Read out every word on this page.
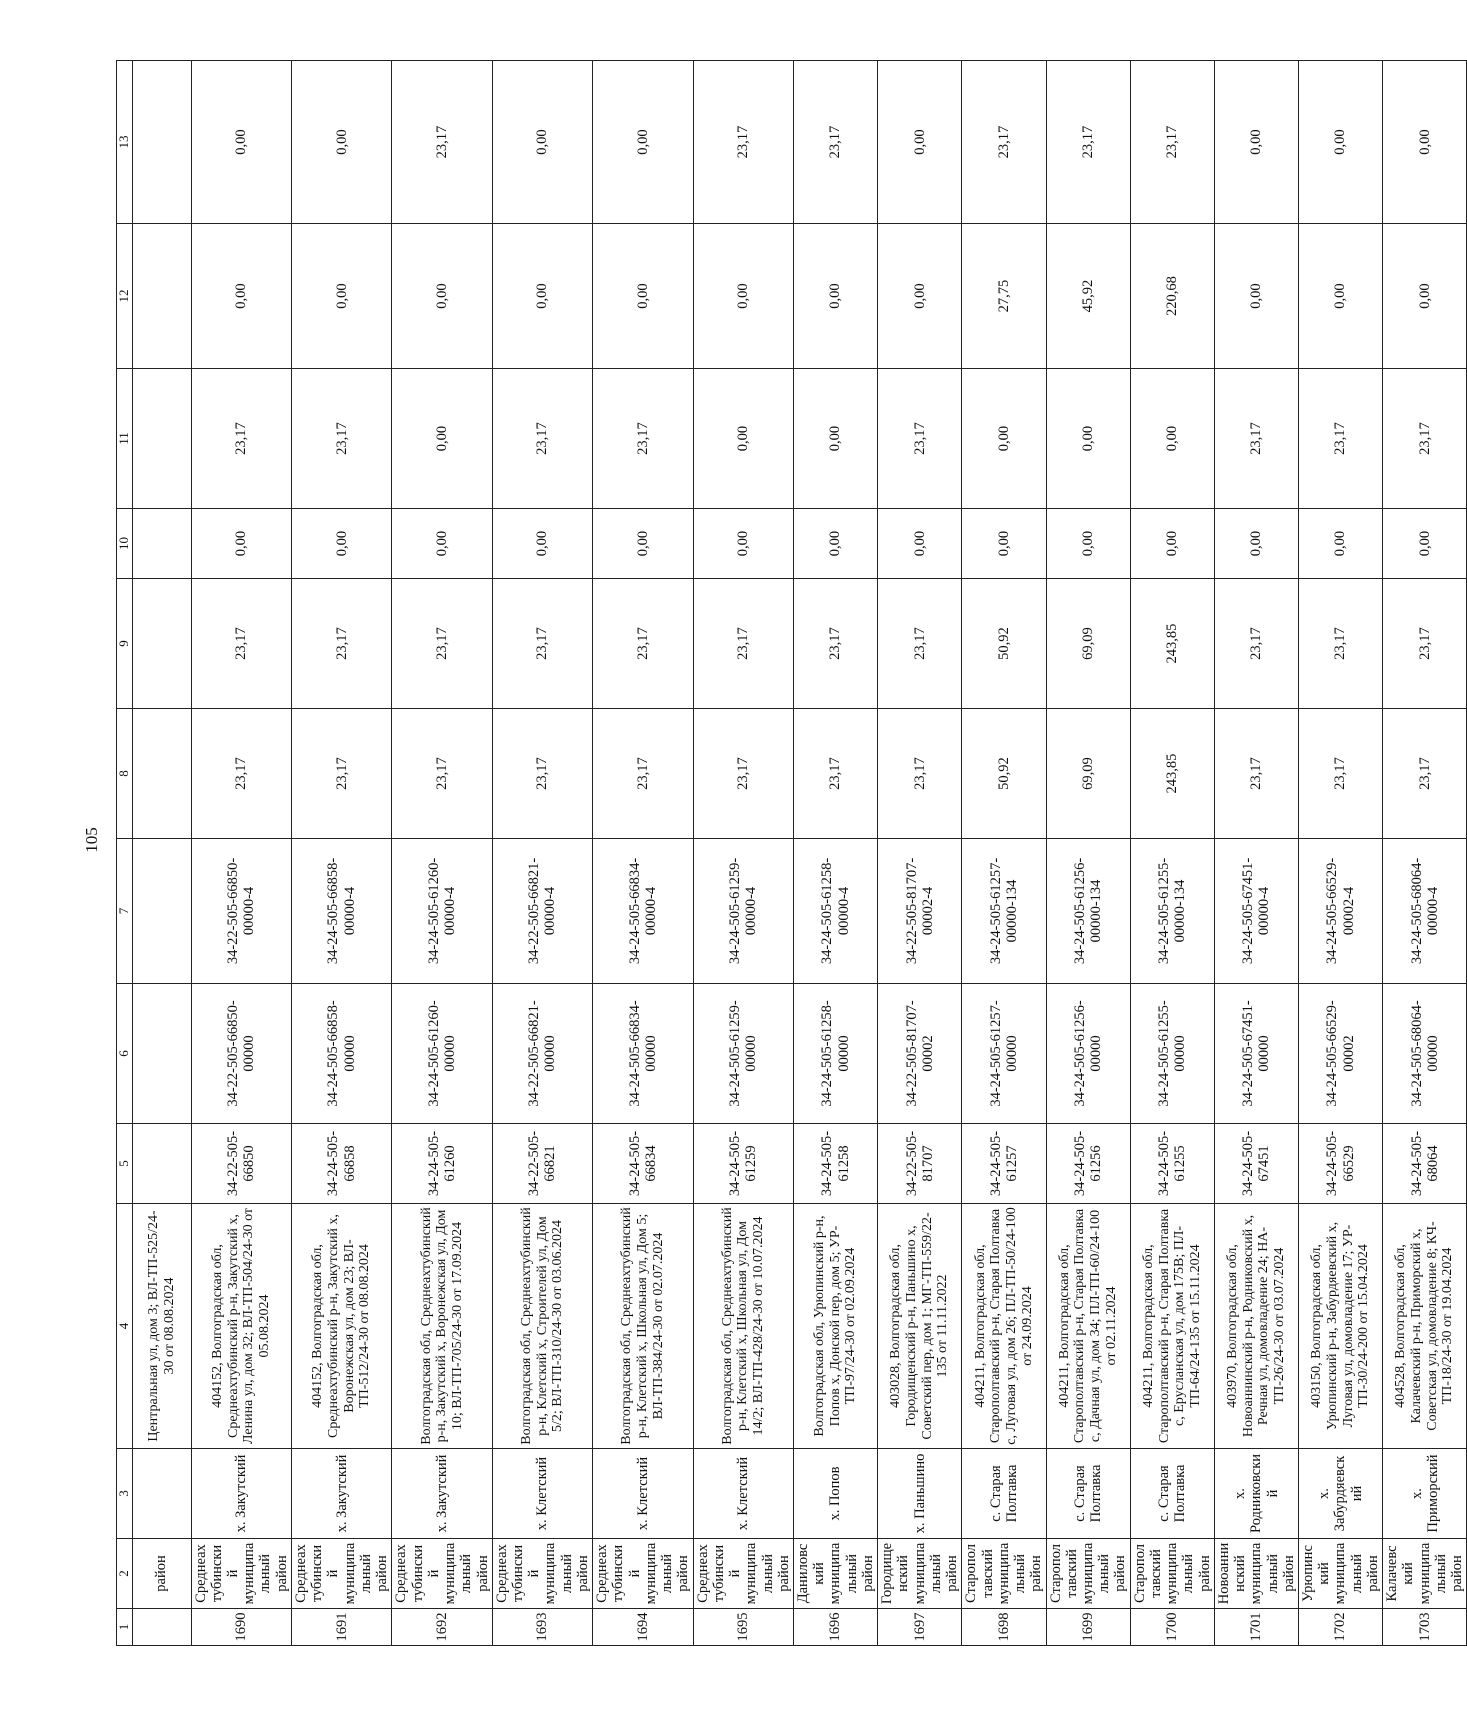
105
1	2	3	4	5	6	7	8	9	10	11	12	13
	район		Центральная ул, дом 3; ВЛ-ТП-525/24-30 от 08.08.2024									
1690	Среднеахтубинский муниципальный район	х. Закутский	404152, Волгоградская обл, Среднеахтубинский р-н, Закутский х, Ленина ул, дом 32; ВЛ-ТП-504/24-30 от 05.08.2024	34-22-505-66850	34-22-505-66850-00000	34-22-505-66850-00000-4	23,17	23,17	0,00	23,17	0,00	0,00
1691	Среднеахтубинский муниципальный район	х. Закутский	404152, Волгоградская обл, Среднеахтубинский р-н, Закутский х, Воронежская ул, дом 23; ВЛ-ТП-512/24-30 от 08.08.2024	34-24-505-66858	34-24-505-66858-00000	34-24-505-66858-00000-4	23,17	23,17	0,00	23,17	0,00	0,00
1692	Среднеахтубинский муниципальный район	х. Закутский	Волгоградская обл, Среднеахтубинский р-н, Закутский х, Воронежская ул, Дом 10; ВЛ-ТП-705/24-30 от 17.09.2024	34-24-505-61260	34-24-505-61260-00000	34-24-505-61260-00000-4	23,17	23,17	0,00	0,00	0,00	23,17
1693	Среднеахтубинский муниципальный район	х. Клетский	Волгоградская обл, Среднеахтубинский р-н, Клетский х, Строителей ул, Дом 5/2; ВЛ-ТП-310/24-30 от 03.06.2024	34-22-505-66821	34-22-505-66821-00000	34-22-505-66821-00000-4	23,17	23,17	0,00	23,17	0,00	0,00
1694	Среднеахтубинский муниципальный район	х. Клетский	Волгоградская обл, Среднеахтубинский р-н, Клетский х, Школьная ул, Дом 5; ВЛ-ТП-384/24-30 от 02.07.2024	34-24-505-66834	34-24-505-66834-00000	34-24-505-66834-00000-4	23,17	23,17	0,00	23,17	0,00	0,00
1695	Среднеахтубинский муниципальный район	х. Клетский	Волгоградская обл, Среднеахтубинский р-н, Клетский х, Школьная ул, Дом 14/2; ВЛ-ТП-428/24-30 от 10.07.2024	34-24-505-61259	34-24-505-61259-00000	34-24-505-61259-00000-4	23,17	23,17	0,00	0,00	0,00	23,17
1696	Даниловский муниципальный район	х. Попов	Волгоградская обл, Урюпинский р-н, Попов х, Донской пер, дом 5; УР-ТП-97/24-30 от 02.09.2024	34-24-505-61258	34-24-505-61258-00000	34-24-505-61258-00000-4	23,17	23,17	0,00	0,00	0,00	23,17
1697	Городищенский муниципальный район	х. Паньшино	403028, Волгоградская обл, Городищенский р-н, Паньшино х, Советский пер, дом 1; МГ-ТП-559/22-135 от 11.11.2022	34-22-505-81707	34-22-505-81707-00002	34-22-505-81707-00002-4	23,17	23,17	0,00	23,17	0,00	0,00
1698	Старополтавский муниципальный район	с. Старая Полтавка	404211, Волгоградская обл, Старополтавский р-н, Старая Полтавка с, Луговая ул, дом 26; ПЛ-ТП-50/24-100 от 24.09.2024	34-24-505-61257	34-24-505-61257-00000	34-24-505-61257-00000-134	50,92	50,92	0,00	0,00	27,75	23,17
1699	Старополтавский муниципальный район	с. Старая Полтавка	404211, Волгоградская обл, Старополтавский р-н, Старая Полтавка с, Дачная ул, дом 34; ПЛ-ТП-60/24-100 от 02.11.2024	34-24-505-61256	34-24-505-61256-00000	34-24-505-61256-00000-134	69,09	69,09	0,00	0,00	45,92	23,17
1700	Старополтавский муниципальный район	с. Старая Полтавка	404211, Волгоградская обл, Старополтавский р-н, Старая Полтавка с, Ерусланская ул, дом 175В; ПЛ-ТП-64/24-135 от 15.11.2024	34-24-505-61255	34-24-505-61255-00000	34-24-505-61255-00000-134	243,85	243,85	0,00	0,00	220,68	23,17
1701	Новоаннинский муниципальный район	х. Родниковский	403970, Волгоградская обл, Новоаннинский р-н, Родниковский х, Речная ул, домовладение 24; НА-ТП-26/24-30 от 03.07.2024	34-24-505-67451	34-24-505-67451-00000	34-24-505-67451-00000-4	23,17	23,17	0,00	23,17	0,00	0,00
1702	Урюпинский муниципальный район	х. Забурдяевский	403150, Волгоградская обл, Урюпинский р-н, Забурдяевский х, Луговая ул, домовладение 17; УР-ТП-30/24-200 от 15.04.2024	34-24-505-66529	34-24-505-66529-00002	34-24-505-66529-00002-4	23,17	23,17	0,00	23,17	0,00	0,00
1703	Калачевский муниципальный район	х. Приморский	404528, Волгоградская обл, Калачевский р-н, Приморский х, Советская ул, домовладение 8; КЧ-ТП-18/24-30 от 19.04.2024	34-24-505-68064	34-24-505-68064-00000	34-24-505-68064-00000-4	23,17	23,17	0,00	23,17	0,00	0,00
